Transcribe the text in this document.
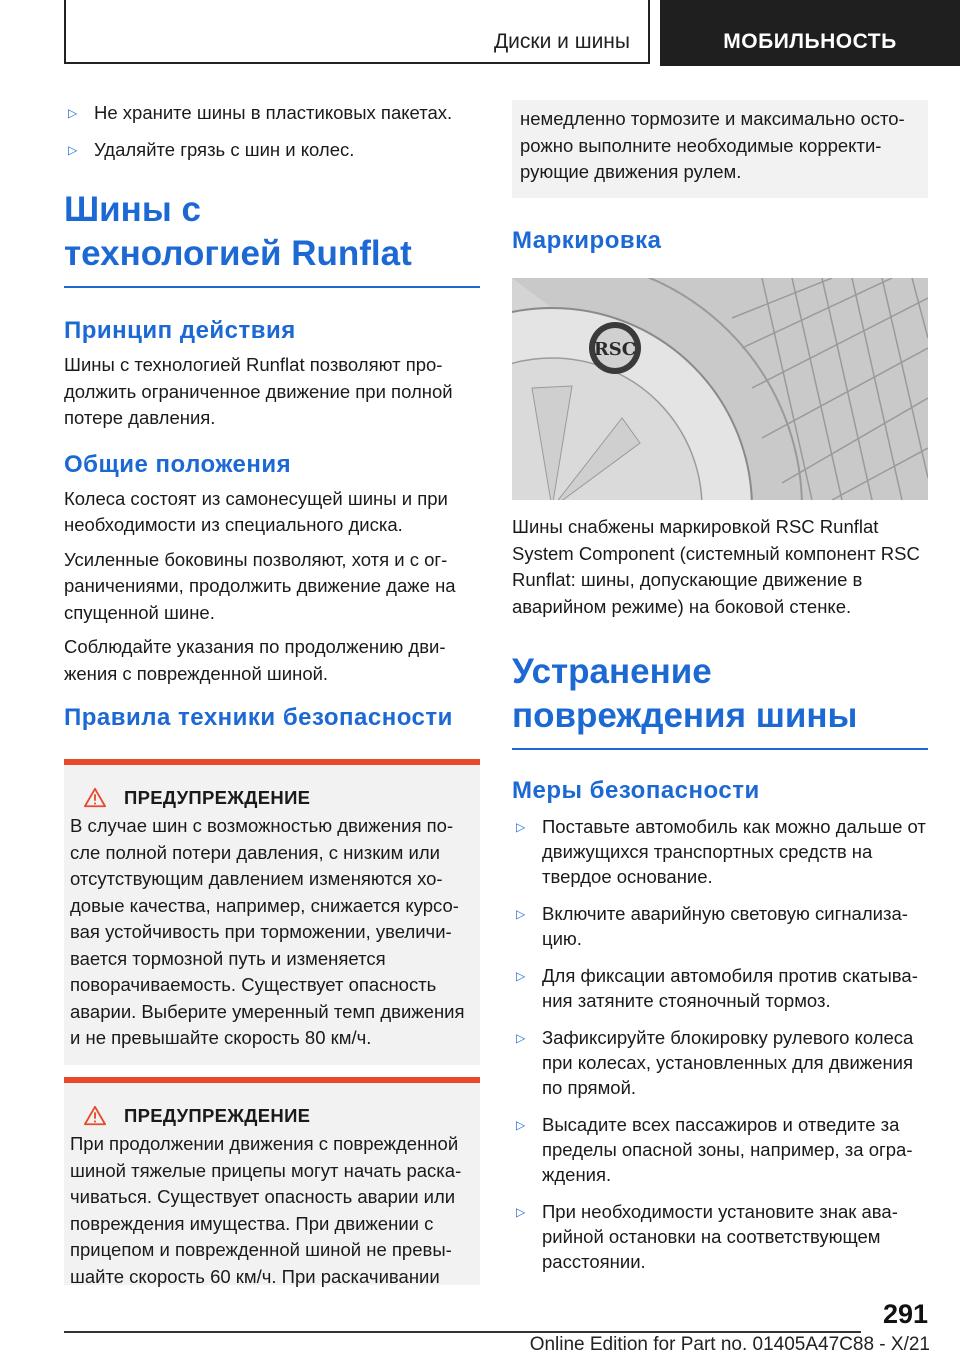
Диски и шины	МОБИЛЬНОСТЬ
▷ Не храните шины в пластиковых пакетах.
▷ Удаляйте грязь с шин и колес.
Шины с технологией Runflat
Принцип действия
Шины с технологией Runflat позволяют продолжить ограниченное движение при полной потере давления.
Общие положения
Колеса состоят из самонесущей шины и при необходимости из специального диска.
Усиленные боковины позволяют, хотя и с ограничениями, продолжить движение даже на спущенной шине.
Соблюдайте указания по продолжению движения с поврежденной шиной.
Правила техники безопасности
ПРЕДУПРЕЖДЕНИЕ
В случае шин с возможностью движения после полной потери давления, с низким или отсутствующим давлением изменяются ходовые качества, например, снижается курсовая устойчивость при торможении, увеличивается тормозной путь и изменяется поворачиваемость. Существует опасность аварии. Выберите умеренный темп движения и не превышайте скорость 80 км/ч.
ПРЕДУПРЕЖДЕНИЕ
При продолжении движения с поврежденной шиной тяжелые прицепы могут начать раскачиваться. Существует опасность аварии или повреждения имущества. При движении с прицепом и поврежденной шиной не превышайте скорость 60 км/ч. При раскачивании
немедленно тормозите и максимально осторожно выполните необходимые корректирующие движения рулем.
Маркировка
RSC
Шины снабжены маркировкой RSC Runflat System Component (системный компонент RSC Runflat: шины, допускающие движение в аварийном режиме) на боковой стенке.
Устранение повреждения шины
Меры безопасности
▷ Поставьте автомобиль как можно дальше от движущихся транспортных средств на твердое основание.
▷ Включите аварийную световую сигнализацию.
▷ Для фиксации автомобиля против скатывания затяните стояночный тормоз.
▷ Зафиксируйте блокировку рулевого колеса при колесах, установленных для движения по прямой.
▷ Высадите всех пассажиров и отведите за пределы опасной зоны, например, за ограждения.
▷ При необходимости установите знак аварийной остановки на соответствующем расстоянии.
291
Online Edition for Part no. 01405A47C88 - X/21
